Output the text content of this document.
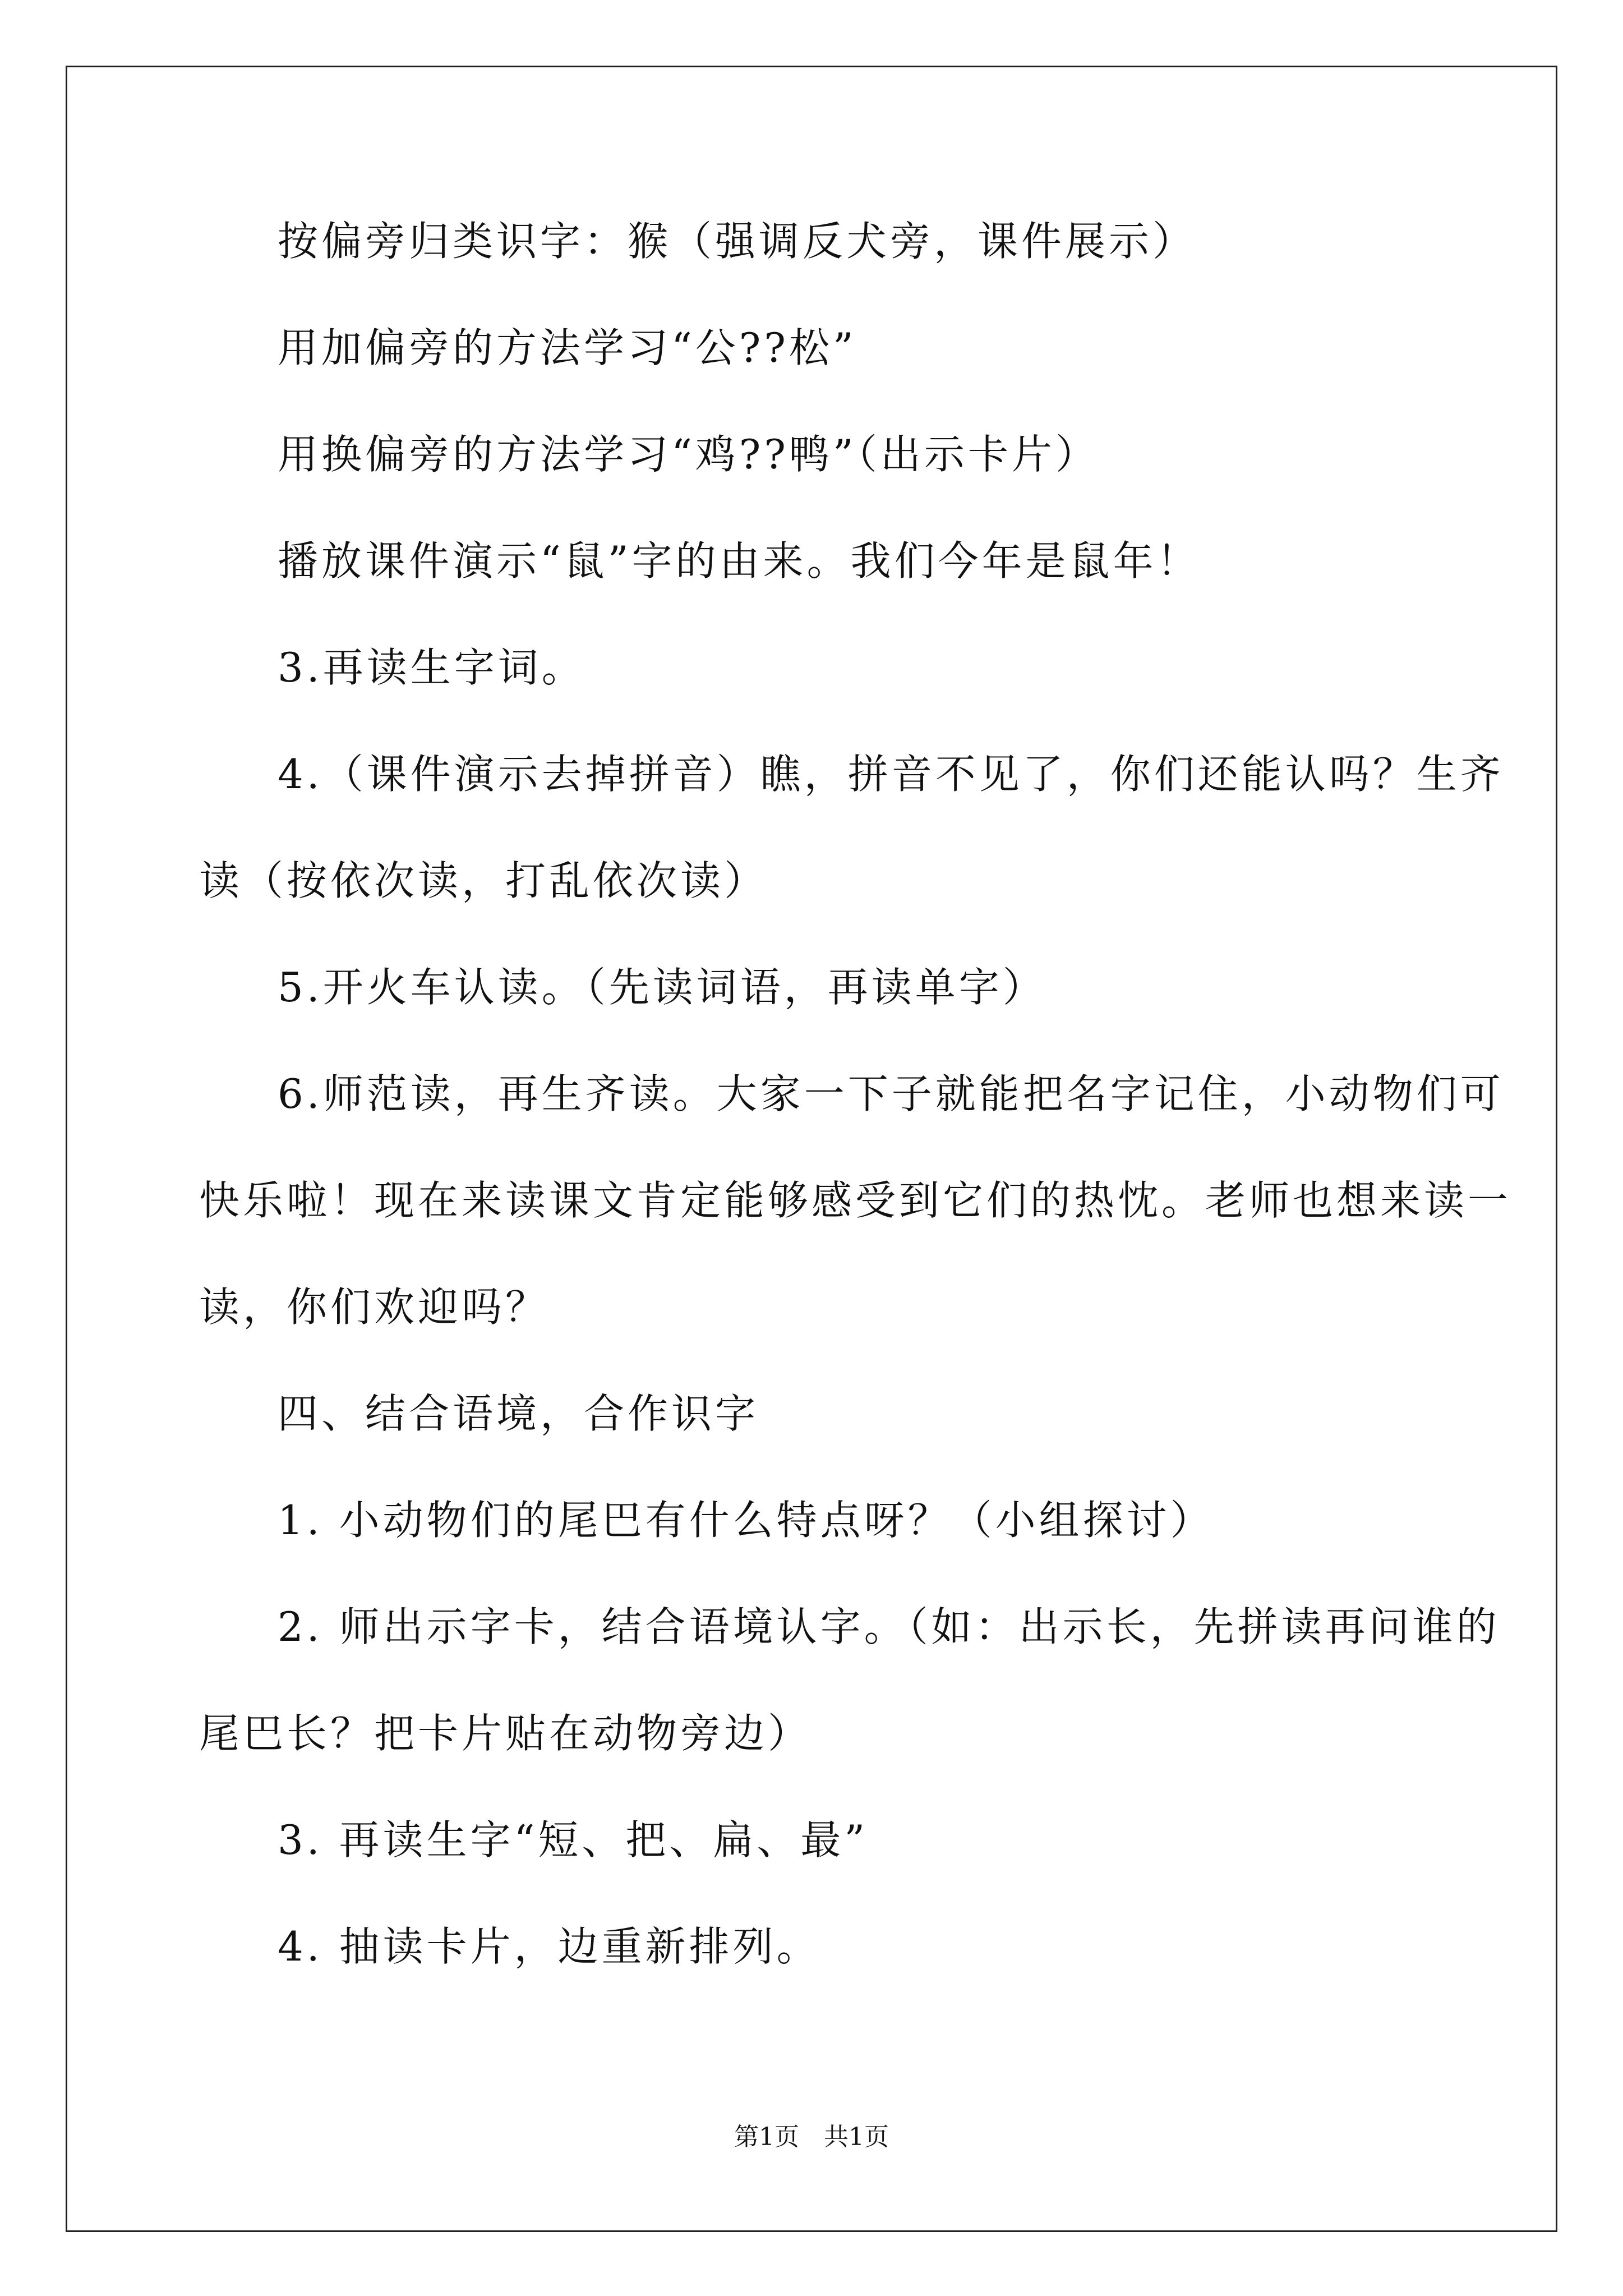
按偏旁归类识字：猴（强调反犬旁，课件展示）
用加偏旁的方法学习“公??松”
用换偏旁的方法学习“鸡??鸭”（出示卡片）
播放课件演示“鼠”字的由来。我们今年是鼠年！
3.再读生字词。
4.（课件演示去掉拼音）瞧，拼音不见了，你们还能认吗？生齐
读（按依次读，打乱依次读）
5.开火车认读。（先读词语，再读单字）
6.师范读，再生齐读。大家一下子就能把名字记住，小动物们可
快乐啦！现在来读课文肯定能够感受到它们的热忱。老师也想来读一
读，你们欢迎吗？
四、结合语境，合作识字
1. 小动物们的尾巴有什么特点呀？（小组探讨）
2. 师出示字卡，结合语境认字。（如：出示长，先拼读再问谁的
尾巴长？把卡片贴在动物旁边）
3. 再读生字“短、把、扁、最”
4. 抽读卡片，边重新排列。
第1页　共1页
